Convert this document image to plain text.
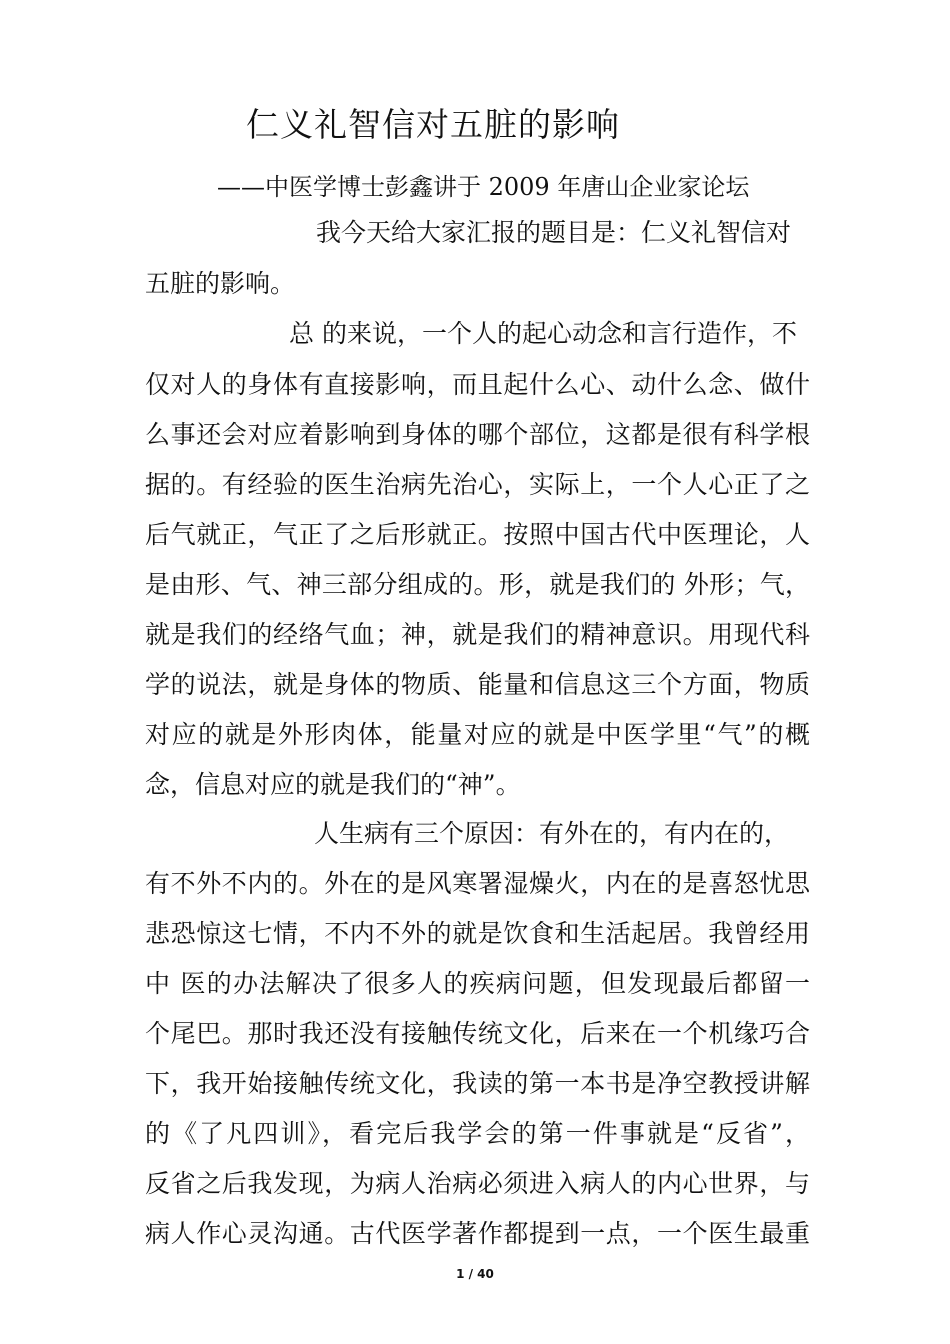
仁义礼智信对五脏的影响
——中医学博士彭鑫讲于 2009 年唐山企业家论坛
我今天给大家汇报的题目是：仁义礼智信对
五脏的影响。
总 的来说，一个人的起心动念和言行造作，不
仅对人的身体有直接影响，而且起什么心、动什么念、做什
么事还会对应着影响到身体的哪个部位，这都是很有科学根
据的。有经验的医生治病先治心，实际上，一个人心正了之
后气就正，气正了之后形就正。按照中国古代中医理论，人
是由形、气、神三部分组成的。形，就是我们的 外形；气，
就是我们的经络气血；神，就是我们的精神意识。用现代科
学的说法，就是身体的物质、能量和信息这三个方面，物质
对应的就是外形肉体，能量对应的就是中医学里“气”的概
念，信息对应的就是我们的“神”。
人生病有三个原因：有外在的，有内在的，
有不外不内的。外在的是风寒署湿燥火，内在的是喜怒忧思
悲恐惊这七情，不内不外的就是饮食和生活起居。我曾经用
中 医的办法解决了很多人的疾病问题，但发现最后都留一
个尾巴。那时我还没有接触传统文化，后来在一个机缘巧合
下，我开始接触传统文化，我读的第一本书是净空教授讲解
的《了凡四训》，看完后我学会的第一件事就是“反省”，
反省之后我发现，为病人治病必须进入病人的内心世界，与
病人作心灵沟通。古代医学著作都提到一点，一个医生最重
1 / 40
